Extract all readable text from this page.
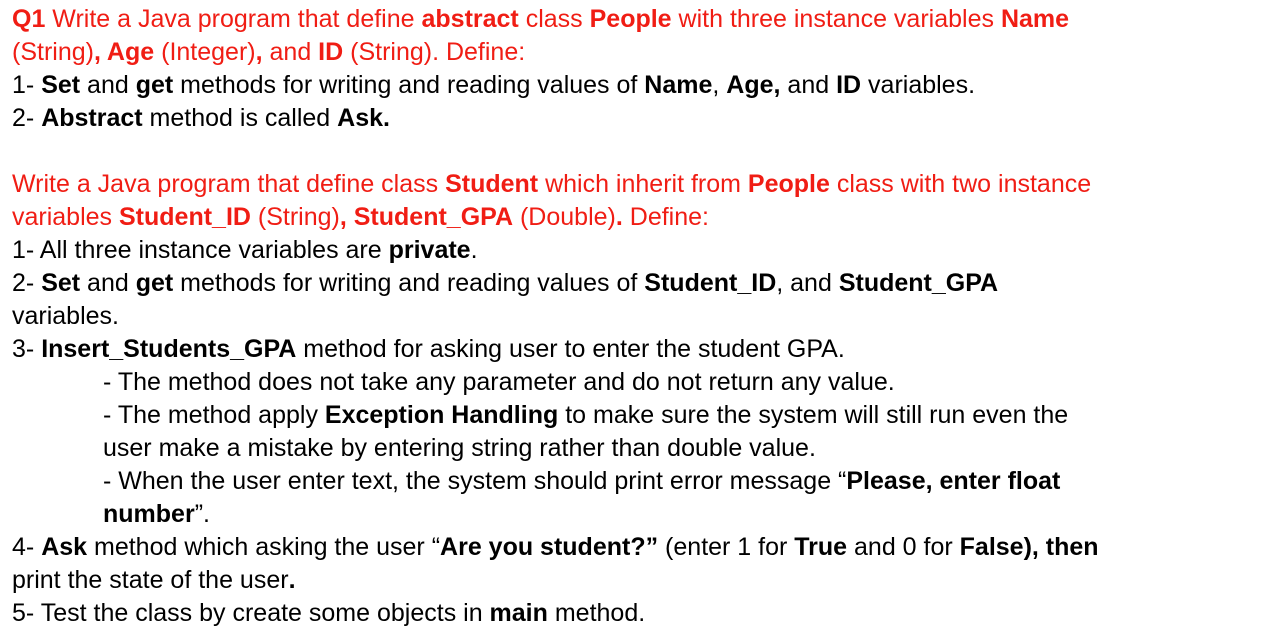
Q1 Write a Java program that define abstract class People with three instance variables Name
(String), Age (Integer), and ID (String). Define:
1- Set and get methods for writing and reading values of Name, Age, and ID variables.
2- Abstract method is called Ask.
Write a Java program that define class Student which inherit from People class with two instance
variables Student_ID (String), Student_GPA (Double). Define:
1- All three instance variables are private.
2- Set and get methods for writing and reading values of Student_ID, and Student_GPA
variables.
3- Insert_Students_GPA method for asking user to enter the student GPA.
- The method does not take any parameter and do not return any value.
- The method apply Exception Handling to make sure the system will still run even the
user make a mistake by entering string rather than double value.
- When the user enter text, the system should print error message “Please, enter float
number”.
4- Ask method which asking the user “Are you student?” (enter 1 for True and 0 for False), then
print the state of the user.
5- Test the class by create some objects in main method.
